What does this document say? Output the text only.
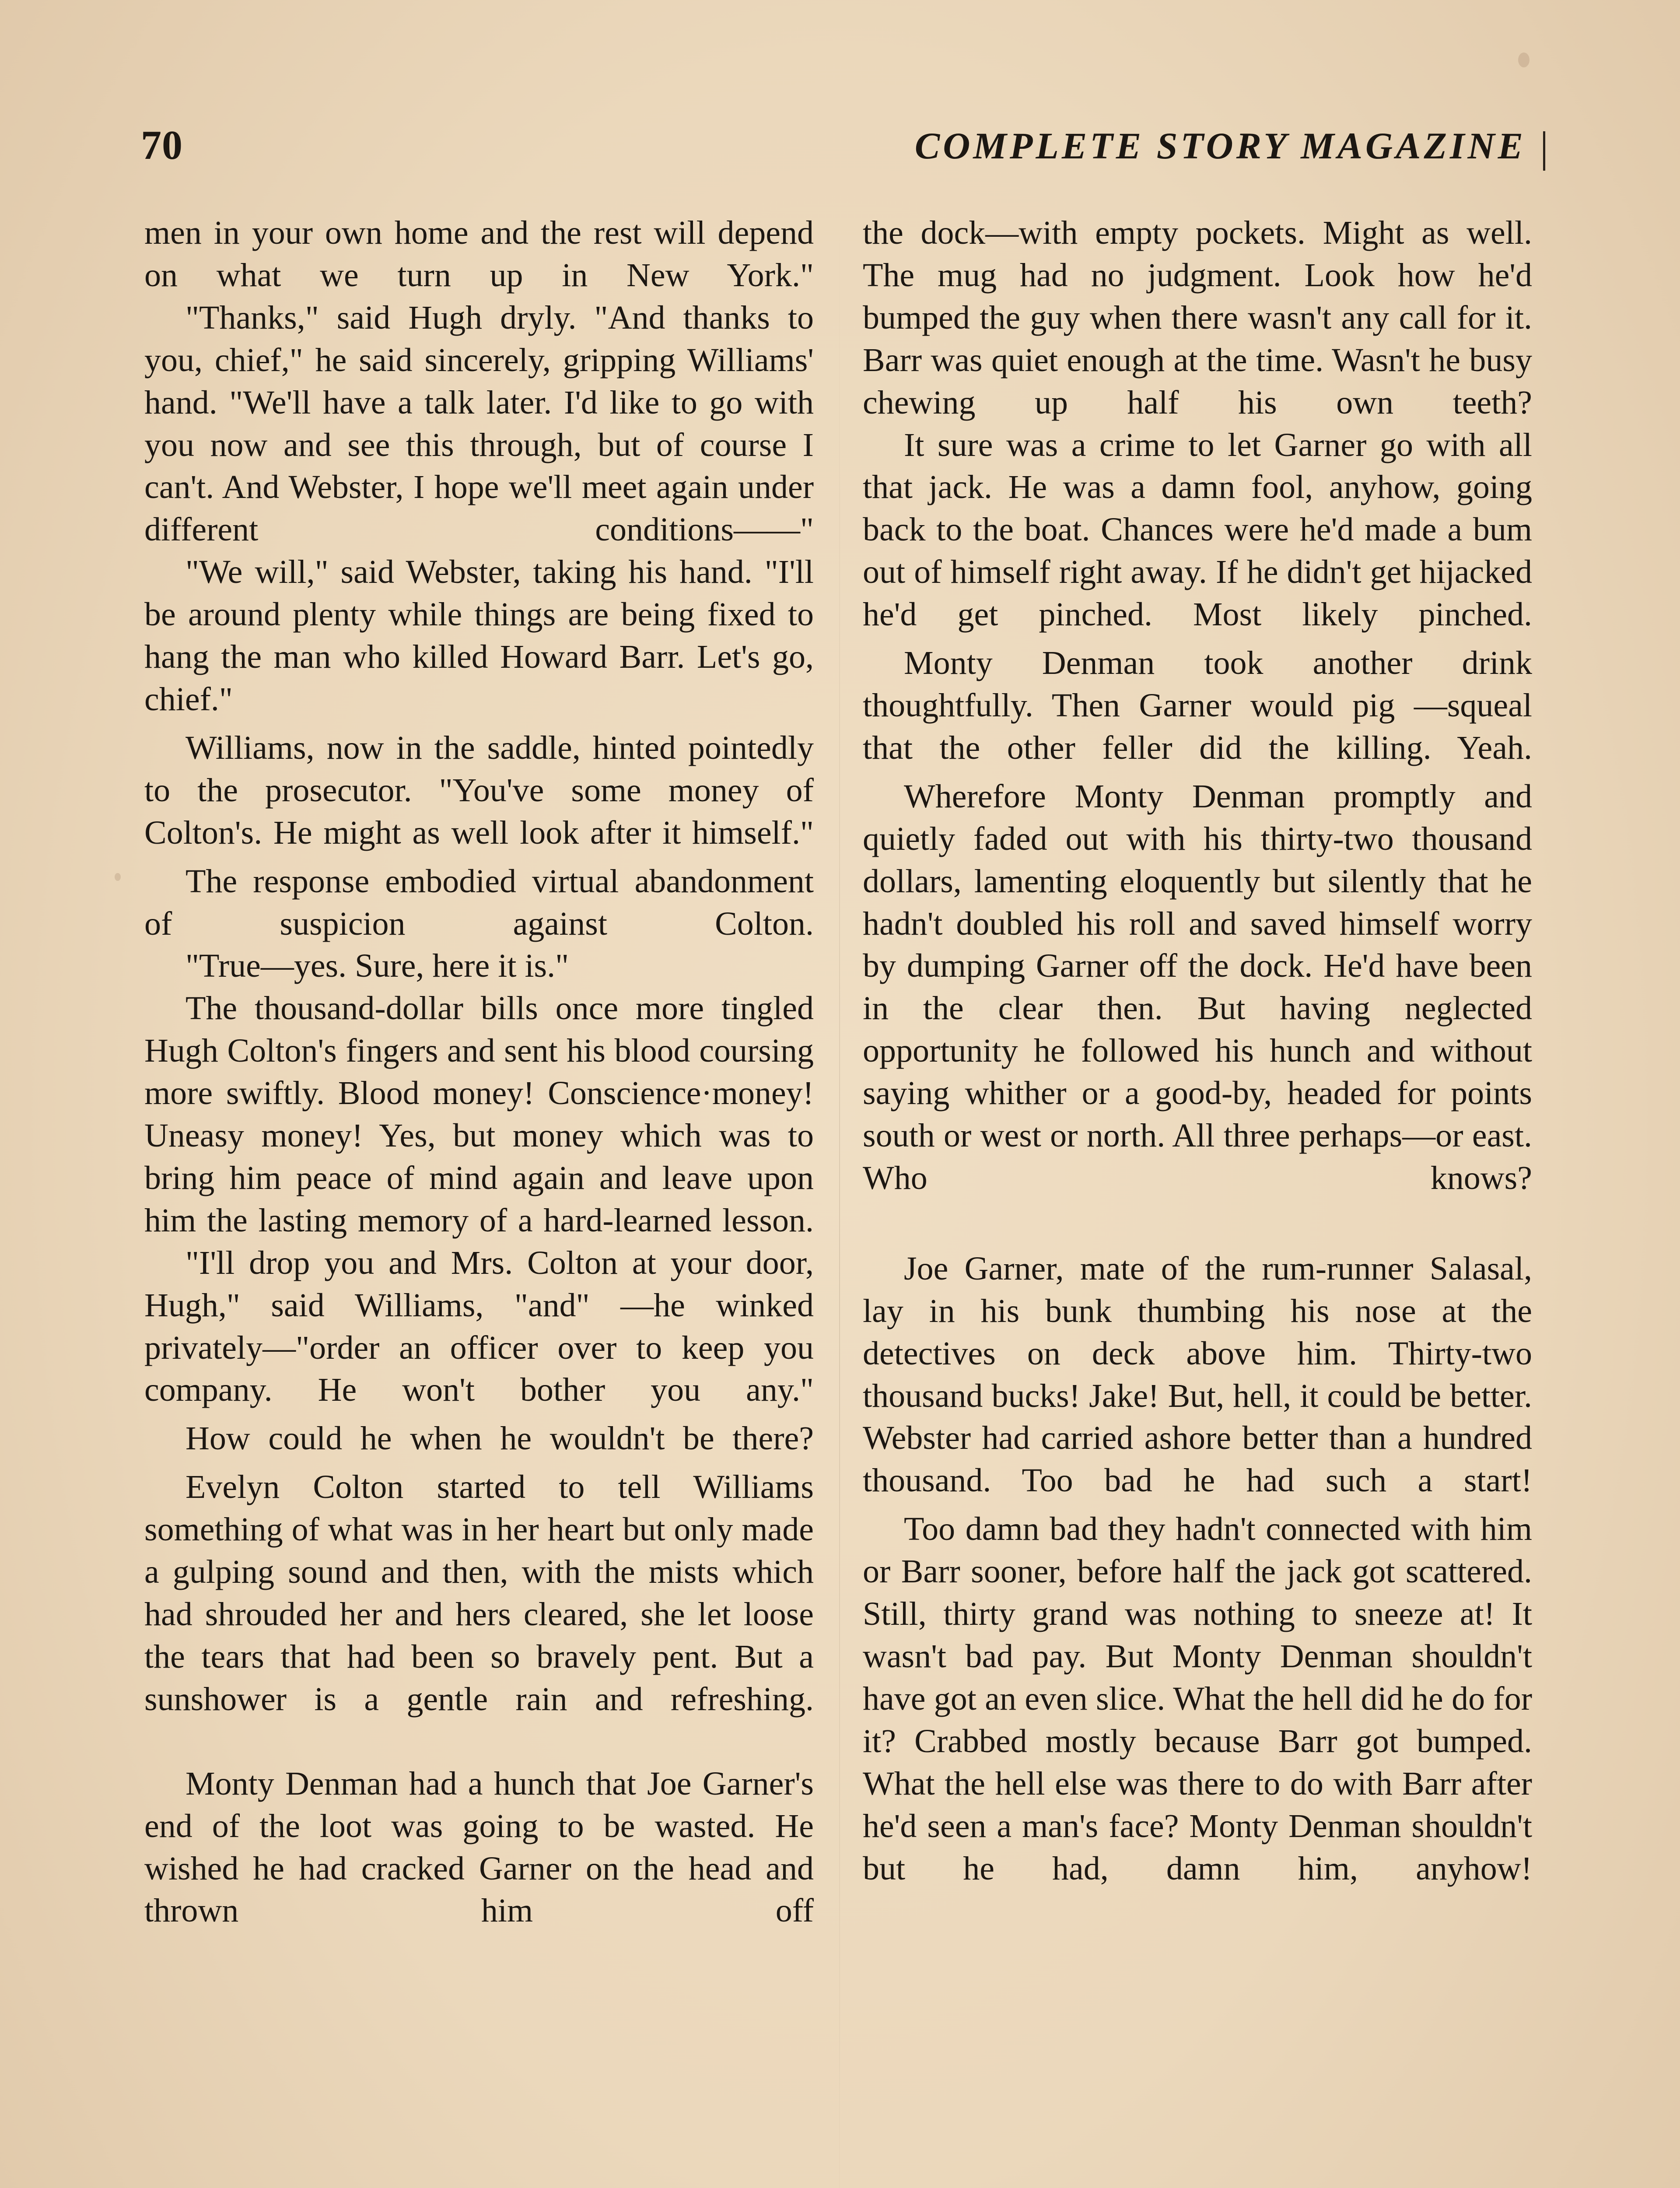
70	COMPLETE STORY MAGAZINE

men in your own home and the rest will depend on what we turn up in New York."

"Thanks," said Hugh dryly. "And thanks to you, chief," he said sincerely, gripping Williams' hand. "We'll have a talk later. I'd like to go with you now and see this through, but of course I can't. And Webster, I hope we'll meet again under different conditions——"

"We will," said Webster, taking his hand. "I'll be around plenty while things are being fixed to hang the man who killed Howard Barr. Let's go, chief."

Williams, now in the saddle, hinted pointedly to the prosecutor. "You've some money of Colton's. He might as well look after it himself."

The response embodied virtual abandonment of suspicion against Colton.

"True—yes. Sure, here it is."

The thousand-dollar bills once more tingled Hugh Colton's fingers and sent his blood coursing more swiftly. Blood money! Conscience·money! Uneasy money! Yes, but money which was to bring him peace of mind again and leave upon him the lasting memory of a hard-learned lesson.

"I'll drop you and Mrs. Colton at your door, Hugh," said Williams, "and" —he winked privately—"order an officer over to keep you company. He won't bother you any."

How could he when he wouldn't be there?

Evelyn Colton started to tell Williams something of what was in her heart but only made a gulping sound and then, with the mists which had shrouded her and hers cleared, she let loose the tears that had been so bravely pent. But a sunshower is a gentle rain and refreshing.

Monty Denman had a hunch that Joe Garner's end of the loot was going to be wasted. He wished he had cracked Garner on the head and thrown him off

the dock—with empty pockets. Might as well. The mug had no judgment. Look how he'd bumped the guy when there wasn't any call for it. Barr was quiet enough at the time. Wasn't he busy chewing up half his own teeth?

It sure was a crime to let Garner go with all that jack. He was a damn fool, anyhow, going back to the boat. Chances were he'd made a bum out of himself right away. If he didn't get hijacked he'd get pinched. Most likely pinched.

Monty Denman took another drink thoughtfully. Then Garner would pig —squeal that the other feller did the killing. Yeah.

Wherefore Monty Denman promptly and quietly faded out with his thirty-two thousand dollars, lamenting eloquently but silently that he hadn't doubled his roll and saved himself worry by dumping Garner off the dock. He'd have been in the clear then. But having neglected opportunity he followed his hunch and without saying whither or a good-by, headed for points south or west or north. All three perhaps—or east. Who knows?

Joe Garner, mate of the rum-runner Salasal, lay in his bunk thumbing his nose at the detectives on deck above him. Thirty-two thousand bucks! Jake! But, hell, it could be better. Webster had carried ashore better than a hundred thousand. Too bad he had such a start!

Too damn bad they hadn't connected with him or Barr sooner, before half the jack got scattered. Still, thirty grand was nothing to sneeze at! It wasn't bad pay. But Monty Denman shouldn't have got an even slice. What the hell did he do for it? Crabbed mostly because Barr got bumped. What the hell else was there to do with Barr after he'd seen a man's face? Monty Denman shouldn't but he had, damn him, anyhow!
